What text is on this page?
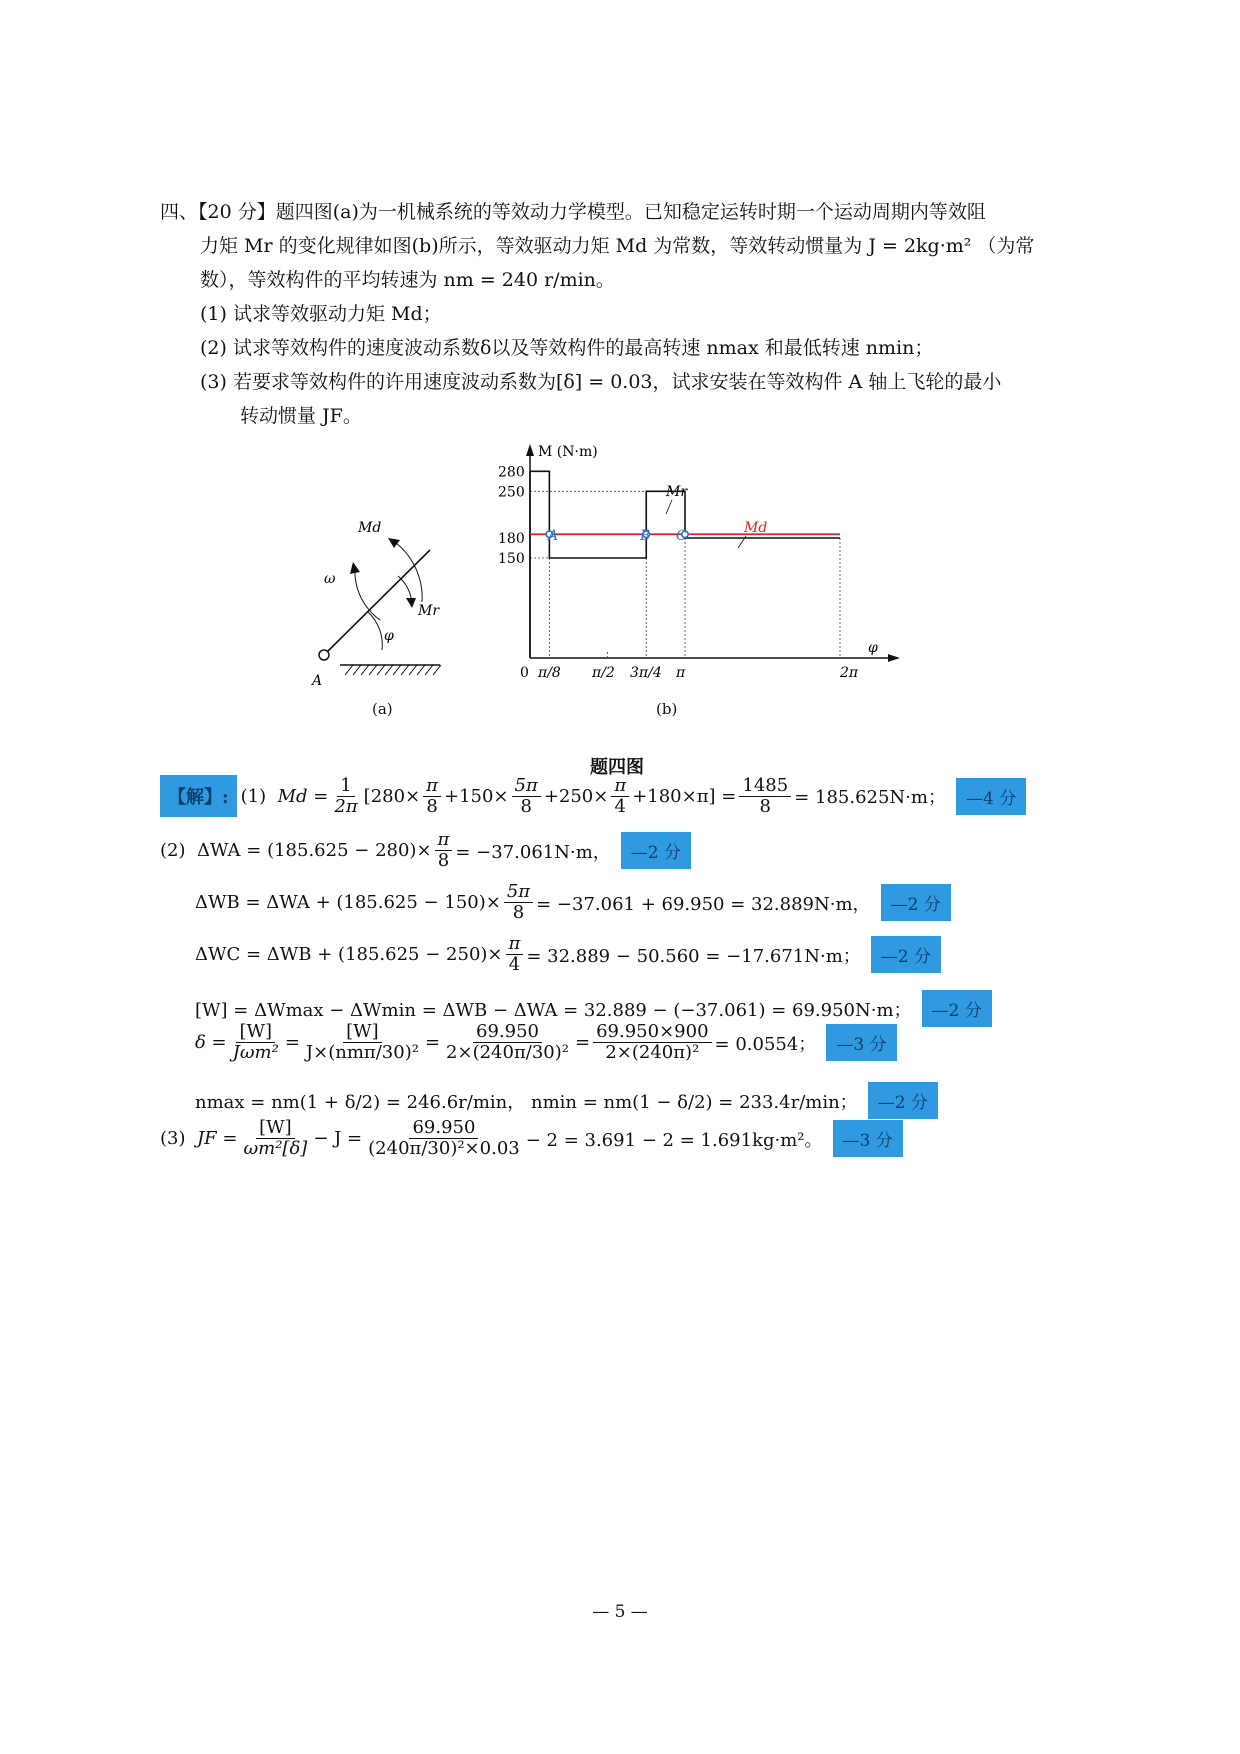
四、【20 分】题四图(a)为一机械系统的等效动力学模型。已知稳定运转时期一个运动周期内等效阻
力矩 Mr 的变化规律如图(b)所示，等效驱动力矩 Md 为常数，等效转动惯量为 J = 2kg·m² （为常
数），等效构件的平均转速为 nm = 240 r/min。
(1) 试求等效驱动力矩 Md；
(2) 试求等效构件的速度波动系数δ以及等效构件的最高转速 nmax 和最低转速 nmin；
(3) 若要求等效构件的许用速度波动系数为[δ] = 0.03，试求安装在等效构件 A 轴上飞轮的最小
转动惯量 JF。
Md
ω
Mr
φ
A
(a)
M (N·m)
φ
280
250
180
150
0 π/8 π/2 3π/4 π	2π
Mr
Md
A	B C
(b)
题四图
【解】: (1)
$Md = \frac{1}{2\pi} [280\times \frac{\pi}{8} +150\times \frac{5\pi}{8} +250\times \frac{\pi}{4} +180\times\pi] = \frac{1485}{8} = 185.625N\cdot m$；	—4 分
(2)
$\Delta WA = (185.625 - 280)\times \frac{\pi}{8} = -37.061N\cdot m$，	—2 分
$\Delta WB = \Delta WA + (185.625 - 150)\times \frac{5\pi}{8} = -37.061 + 69.950 = 32.889N\cdot m$，	—2 分
$\Delta WC = \Delta WB + (185.625 - 250)\times \frac{\pi}{4} = 32.889 - 50.560 = -17.671N\cdot m$；	—2 分
[W] = ΔWmax − ΔWmin = ΔWB − ΔWA = 32.889 − (−37.061) = 69.950N·m；	—2 分
$\delta = \frac{[W]}{\text{Jωm²}} = \frac{[W]}{\text{J×(nmπ/30)²}} = \frac{69.950}{\text{2×(240π/30)²}} = \frac{69.950\times 900}{\text{2×(240π)²}} = 0.0554$；	—3 分
nmax = nm(1 + δ/2) = 246.6r/min， nmin = nm(1 − δ/2) = 233.4r/min；	—2 分
(3)
JF = $\frac{[W]}{\text{ωm²[δ]}} - J = \frac{69.950}{\text{(240π/30)²×0.03}} - 2 = 3.691 - 2 = 1.691kg\cdot m^2$。	—3 分
— 5 —
